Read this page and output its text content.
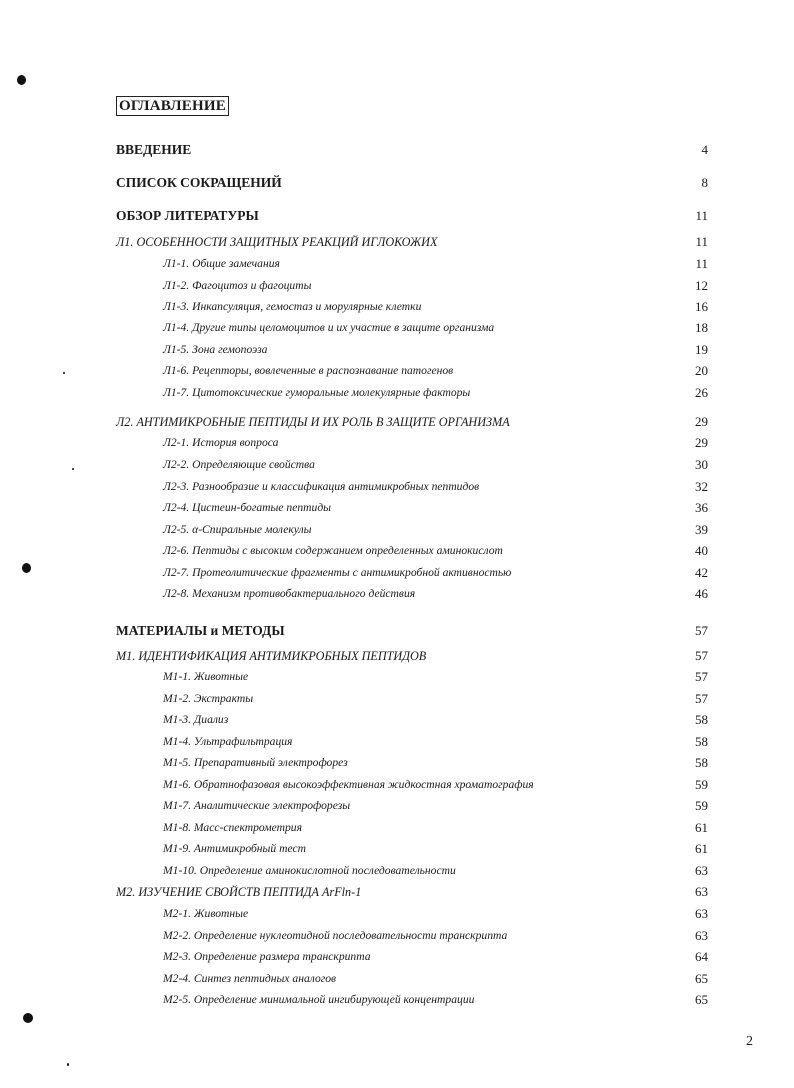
ОГЛАВЛЕНИЕ
ВВЕДЕНИЕ	4
СПИСОК СОКРАЩЕНИЙ	8
ОБЗОР ЛИТЕРАТУРЫ	11
Л1. ОСОБЕННОСТИ ЗАЩИТНЫХ РЕАКЦИЙ ИГЛОКОЖИХ	11
Л1-1. Общие замечания	11
Л1-2. Фагоцитоз и фагоциты	12
Л1-3. Инкапсуляция, гемостаз и морулярные клетки	16
Л1-4. Другие типы целомоцитов и их участие в защите организма	18
Л1-5. Зона гемопоэза	19
Л1-6. Рецепторы, вовлеченные в распознавание патогенов	20
Л1-7. Цитотоксические гуморальные молекулярные факторы	26
Л2. АНТИМИКРОБНЫЕ ПЕПТИДЫ И ИХ РОЛЬ В ЗАЩИТЕ ОРГАНИЗМА	29
Л2-1. История вопроса	29
Л2-2. Определяющие свойства	30
Л2-3. Разнообразие и классификация антимикробных пептидов	32
Л2-4. Цистеин-богатые пептиды	36
Л2-5. α-Спиральные молекулы	39
Л2-6. Пептиды с высоким содержанием определенных аминокислот	40
Л2-7. Протеолитические фрагменты с антимикробной активностью	42
Л2-8. Механизм противобактериального действия	46
МАТЕРИАЛЫ и МЕТОДЫ	57
М1. ИДЕНТИФИКАЦИЯ АНТИМИКРОБНЫХ ПЕПТИДОВ	57
М1-1. Животные	57
М1-2. Экстракты	57
М1-3. Диализ	58
М1-4. Ультрафильтрация	58
М1-5. Препаративный электрофорез	58
М1-6. Обратнофазовая высокоэффективная жидкостная хроматография	59
М1-7. Аналитические электрофорезы	59
М1-8. Масс-спектрометрия	61
М1-9. Антимикробный тест	61
М1-10. Определение аминокислотной последовательности	63
М2. ИЗУЧЕНИЕ СВОЙСТВ ПЕПТИДА ArFln-1	63
М2-1. Животные	63
М2-2. Определение нуклеотидной последовательности транскрипта	63
М2-3. Определение размера транскрипта	64
М2-4. Синтез пептидных аналогов	65
М2-5. Определение минимальной ингибирующей концентрации	65
2
